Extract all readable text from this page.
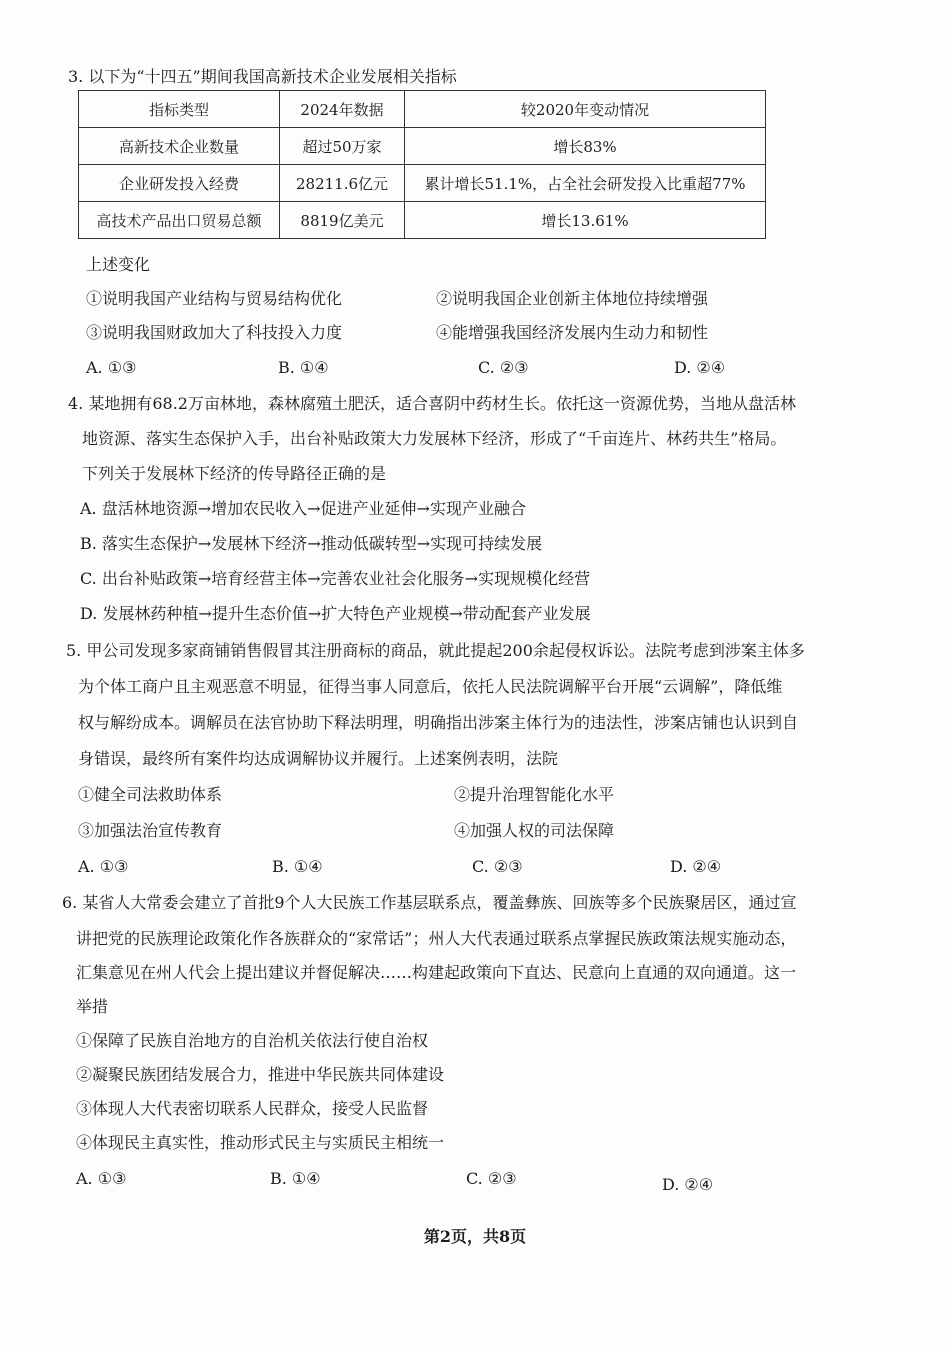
3. 以下为“十四五”期间我国高新技术企业发展相关指标
指标类型	2024年数据	较2020年变动情况
高新技术企业数量	超过50万家	增长83%
企业研发投入经费	28211.6亿元	累计增长51.1%，占全社会研发投入比重超77%
高技术产品出口贸易总额	8819亿美元	增长13.61%
上述变化
①说明我国产业结构与贸易结构优化	②说明我国企业创新主体地位持续增强
③说明我国财政加大了科技投入力度	④能增强我国经济发展内生动力和韧性
A. ①③	B. ①④	C. ②③	D. ②④
4. 某地拥有68.2万亩林地，森林腐殖土肥沃，适合喜阴中药材生长。依托这一资源优势，当地从盘活林
地资源、落实生态保护入手，出台补贴政策大力发展林下经济，形成了“千亩连片、林药共生”格局。
下列关于发展林下经济的传导路径正确的是
A. 盘活林地资源→增加农民收入→促进产业延伸→实现产业融合
B. 落实生态保护→发展林下经济→推动低碳转型→实现可持续发展
C. 出台补贴政策→培育经营主体→完善农业社会化服务→实现规模化经营
D. 发展林药种植→提升生态价值→扩大特色产业规模→带动配套产业发展
5. 甲公司发现多家商铺销售假冒其注册商标的商品，就此提起200余起侵权诉讼。法院考虑到涉案主体多
为个体工商户且主观恶意不明显，征得当事人同意后，依托人民法院调解平台开展“云调解”，降低维
权与解纷成本。调解员在法官协助下释法明理，明确指出涉案主体行为的违法性，涉案店铺也认识到自
身错误，最终所有案件均达成调解协议并履行。上述案例表明，法院
①健全司法救助体系	②提升治理智能化水平
③加强法治宣传教育	④加强人权的司法保障
A. ①③	B. ①④	C. ②③	D. ②④
6. 某省人大常委会建立了首批9个人大民族工作基层联系点，覆盖彝族、回族等多个民族聚居区，通过宣
讲把党的民族理论政策化作各族群众的“家常话”；州人大代表通过联系点掌握民族政策法规实施动态，
汇集意见在州人代会上提出建议并督促解决……构建起政策向下直达、民意向上直通的双向通道。这一
举措
①保障了民族自治地方的自治机关依法行使自治权
②凝聚民族团结发展合力，推进中华民族共同体建设
③体现人大代表密切联系人民群众，接受人民监督
④体现民主真实性，推动形式民主与实质民主相统一
A. ①③	B. ①④	C. ②③	D. ②④
第2页，共8页
